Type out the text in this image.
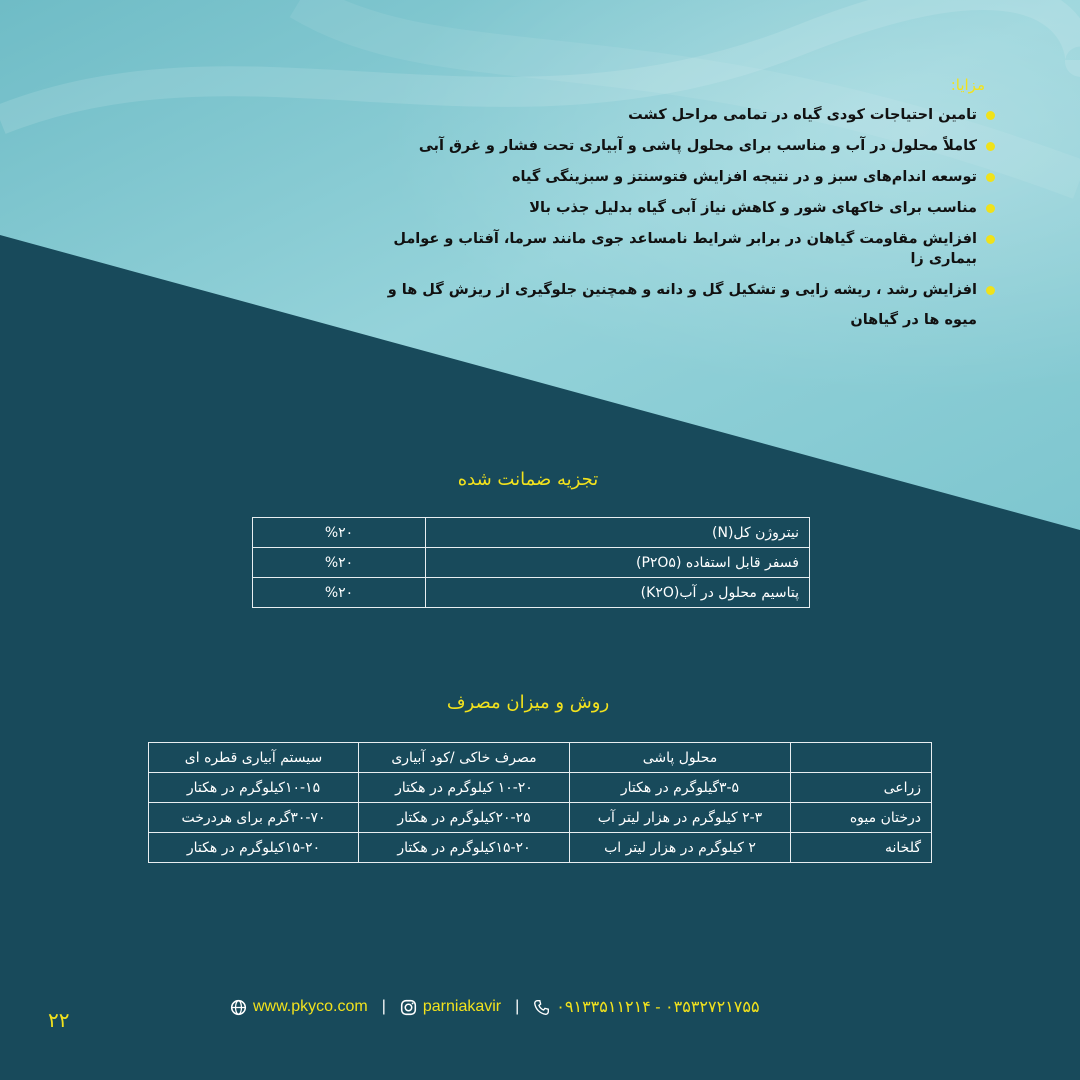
مزایا:
تامین احتیاجات کودی گیاه در تمامی مراحل کشت
کاملاً محلول در آب و مناسب برای محلول پاشی و آبیاری تحت فشار و غرق آبی
توسعه اندام‌های سبز و در نتیجه افزایش فتوسنتز و سبزینگی گیاه
مناسب برای خاکهای شور و کاهش نیاز آبی گیاه بدلیل جذب بالا
افزایش مقاومت گیاهان در برابر شرایط نامساعد جوی مانند سرما، آفتاب و عوامل بیماری زا
افزایش رشد ، ریشه زایی و تشکیل گل و دانه و همچنین جلوگیری از ریزش گل ها و
میوه ها در گیاهان
تجزیه ضمانت شده
نیتروژن کل(N)	%۲۰
فسفر قابل استفاده (P۲O۵)	%۲۰
پتاسیم محلول در آب(K۲O)	%۲۰
روش و میزان مصرف
	محلول پاشی	مصرف خاکی /کود آبیاری	سیستم آبیاری قطره ای
زراعی	۳-۵گیلوگرم در هکتار	۱۰-۲۰ کیلوگرم در هکتار	۱۰-۱۵کیلوگرم در هکتار
درختان میوه	۲-۳ کیلوگرم در هزار لیتر آب	۲۰-۲۵کیلوگرم در هکتار	۳۰-۷۰گرم برای هردرخت
گلخانه	۲ کیلوگرم در هزار لیتر اب	۱۵-۲۰کیلوگرم در هکتار	۱۵-۲۰کیلوگرم در هکتار
www.pkyco.com | parniakavir | ۰۹۱۳۳۵۱۱۲۱۴ - ۰۳۵۳۲۷۲۱۷۵۵
۲۲
